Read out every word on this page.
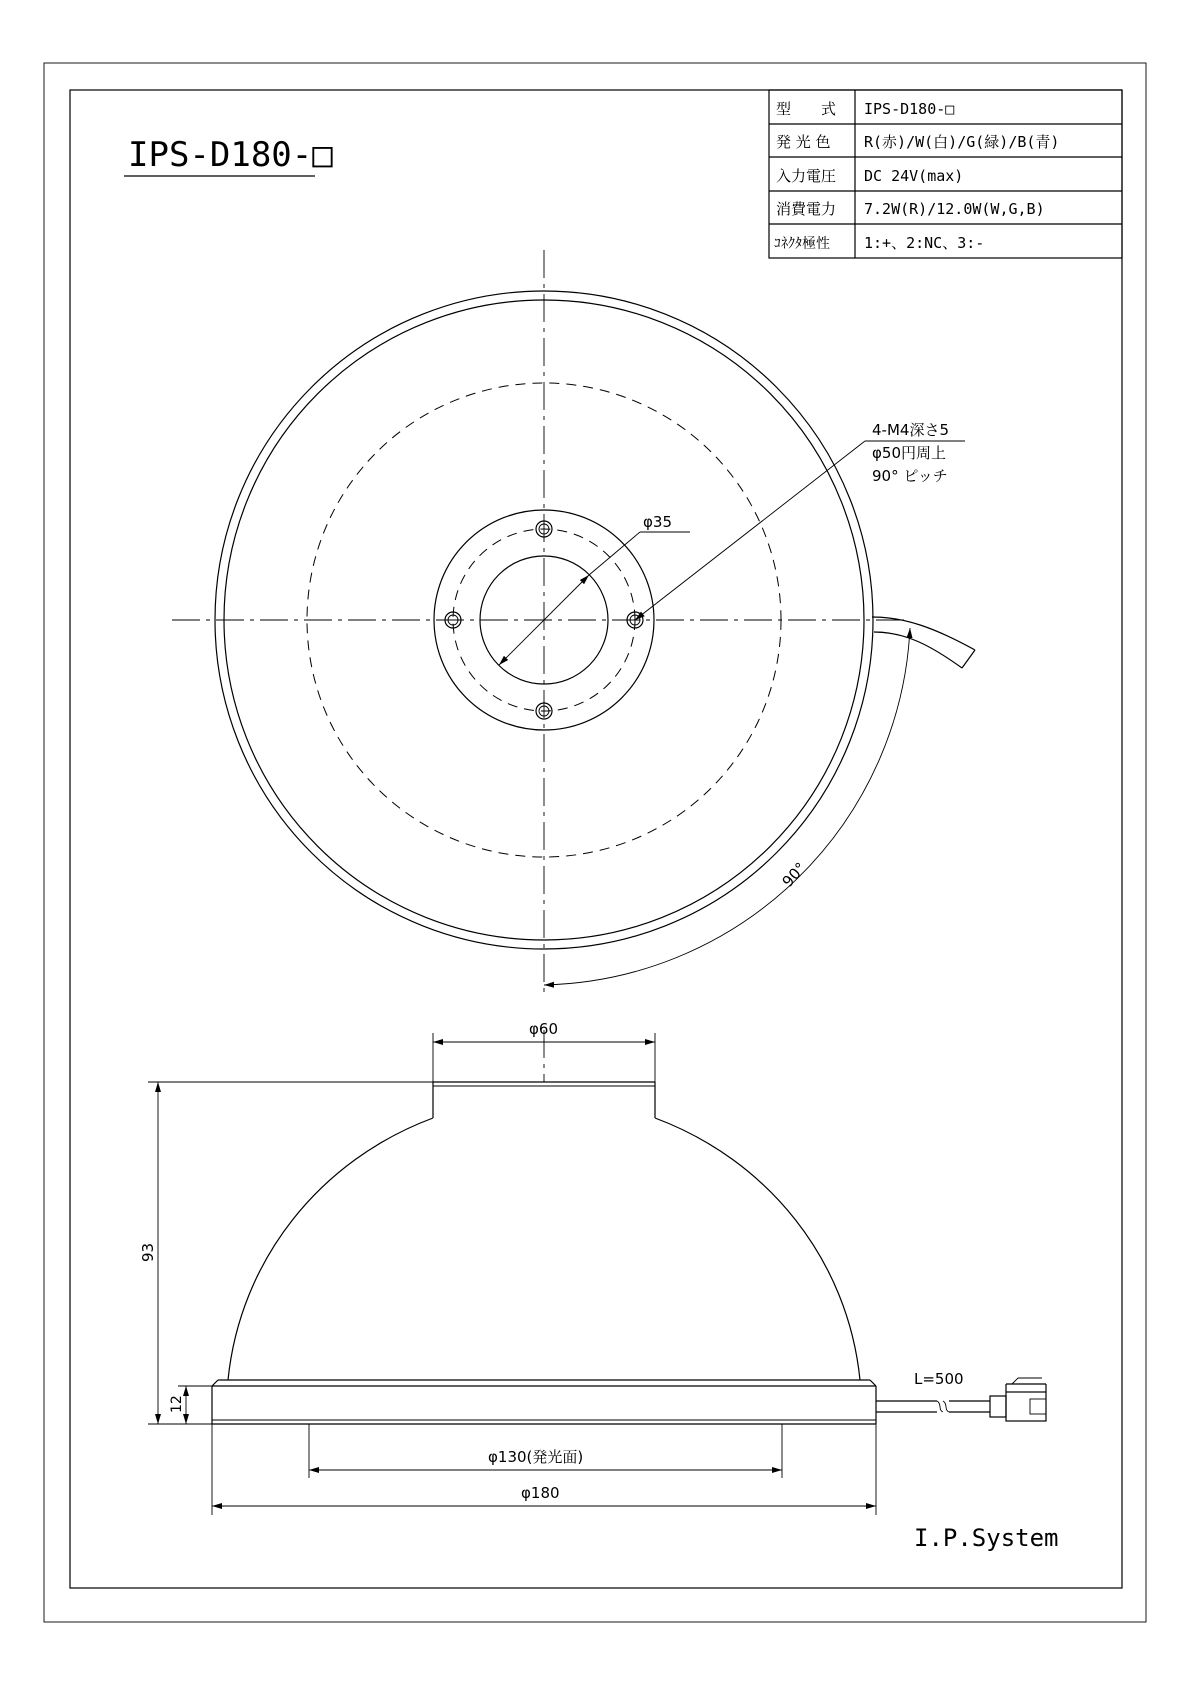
IPS-D180-□
型　　式 IPS-D180-□
発 光 色 R(赤)/W(白)/G(緑)/B(青)
入力電圧 DC 24V(max)
消費電力 7.2W(R)/12.0W(W,G,B)
ｺﾈｸﾀ極性 1:+、2:NC、3:-
φ35
4-M4深さ5
φ50円周上
90° ピッチ
90°
φ60
93
12
φ130(発光面)
φ180
L=500
I.P.System
